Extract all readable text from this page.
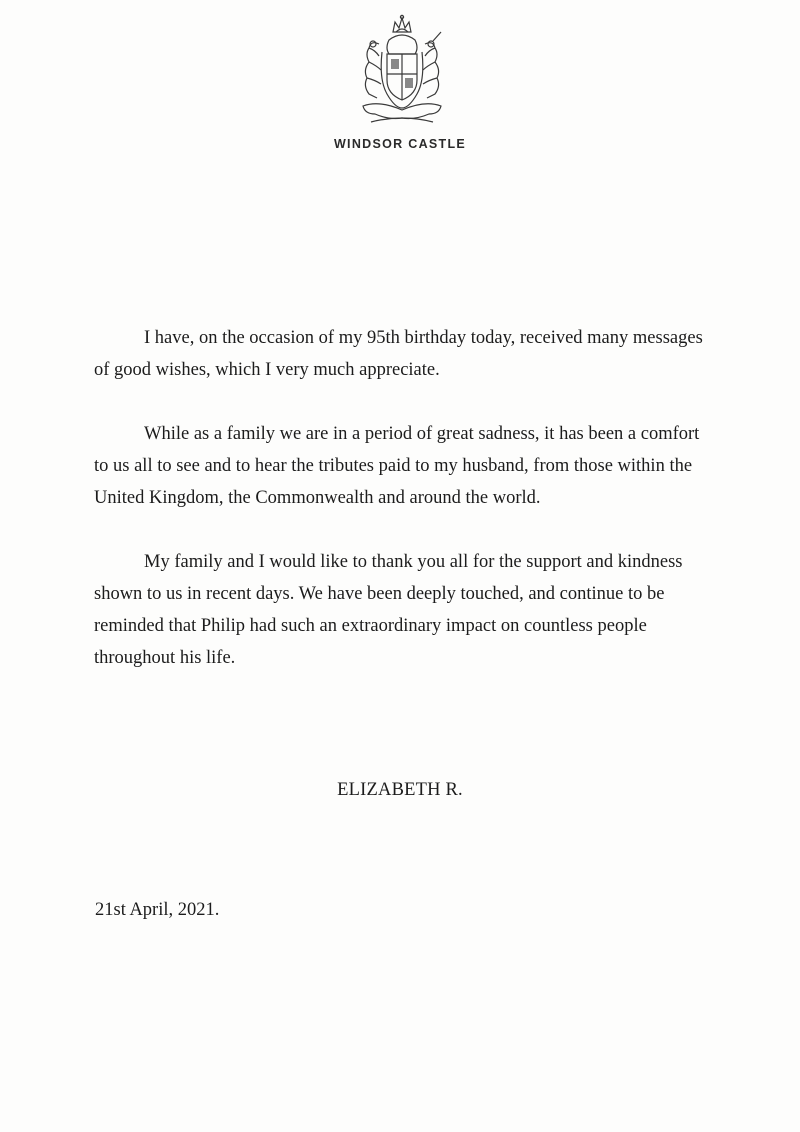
WINDSOR CASTLE

I have, on the occasion of my 95th birthday today, received many messages of good wishes, which I very much appreciate.

While as a family we are in a period of great sadness, it has been a comfort to us all to see and to hear the tributes paid to my husband, from those within the United Kingdom, the Commonwealth and around the world.

My family and I would like to thank you all for the support and kindness shown to us in recent days. We have been deeply touched, and continue to be reminded that Philip had such an extraordinary impact on countless people throughout his life.

ELIZABETH R.
21st April, 2021.
